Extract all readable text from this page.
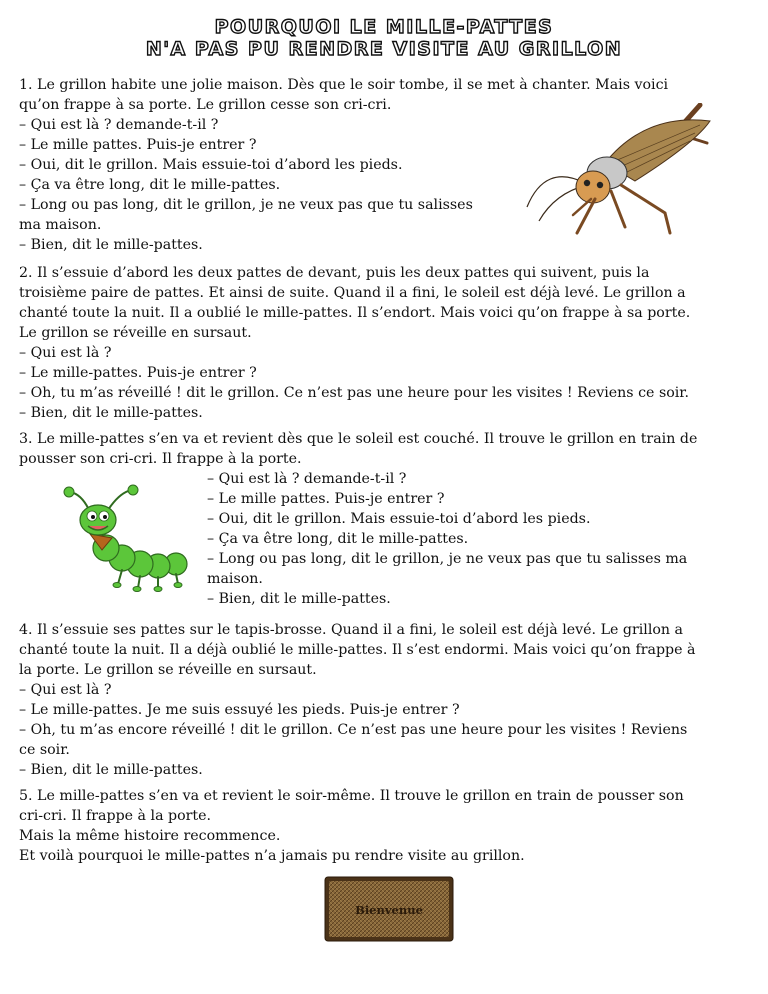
POURQUOI LE MILLE-PATTES
N'A PAS PU RENDRE VISITE AU GRILLON

1. Le grillon habite une jolie maison. Dès que le soir tombe, il se met à chanter. Mais voici

qu’on frappe à sa porte. Le grillon cesse son cri-cri.

– Qui est là ? demande-t-il ?

– Le mille pattes. Puis-je entrer ?

– Oui, dit le grillon. Mais essuie-toi d’abord les pieds.

– Ça va être long, dit le mille-pattes.

– Long ou pas long, dit le grillon, je ne veux pas que tu salisses

ma maison.

– Bien, dit le mille-pattes.

2. Il s’essuie d’abord les deux pattes de devant, puis les deux pattes qui suivent, puis la

troisième paire de pattes. Et ainsi de suite. Quand il a fini, le soleil est déjà levé. Le grillon a

chanté toute la nuit. Il a oublié le mille-pattes. Il s’endort. Mais voici qu’on frappe à sa porte.

Le grillon se réveille en sursaut.

– Qui est là ?

– Le mille-pattes. Puis-je entrer ?

– Oh, tu m’as réveillé ! dit le grillon. Ce n’est pas une heure pour les visites ! Reviens ce soir.

– Bien, dit le mille-pattes.

3. Le mille-pattes s’en va et revient dès que le soleil est couché. Il trouve le grillon en train de

pousser son cri-cri. Il frappe à la porte.

– Qui est là ? demande-t-il ?

– Le mille pattes. Puis-je entrer ?

– Oui, dit le grillon. Mais essuie-toi d’abord les pieds.

– Ça va être long, dit le mille-pattes.

– Long ou pas long, dit le grillon, je ne veux pas que tu salisses ma

maison.

– Bien, dit le mille-pattes.

4. Il s’essuie ses pattes sur le tapis-brosse. Quand il a fini, le soleil est déjà levé. Le grillon a

chanté toute la nuit. Il a déjà oublié le mille-pattes. Il s’est endormi. Mais voici qu’on frappe à

la porte. Le grillon se réveille en sursaut.

– Qui est là ?

– Le mille-pattes. Je me suis essuyé les pieds. Puis-je entrer ?

– Oh, tu m’as encore réveillé ! dit le grillon. Ce n’est pas une heure pour les visites ! Reviens

ce soir.

– Bien, dit le mille-pattes.

5. Le mille-pattes s’en va et revient le soir-même. Il trouve le grillon en train de pousser son

cri-cri. Il frappe à la porte.

Mais la même histoire recommence.

Et voilà pourquoi le mille-pattes n’a jamais pu rendre visite au grillon.

Bienvenue
